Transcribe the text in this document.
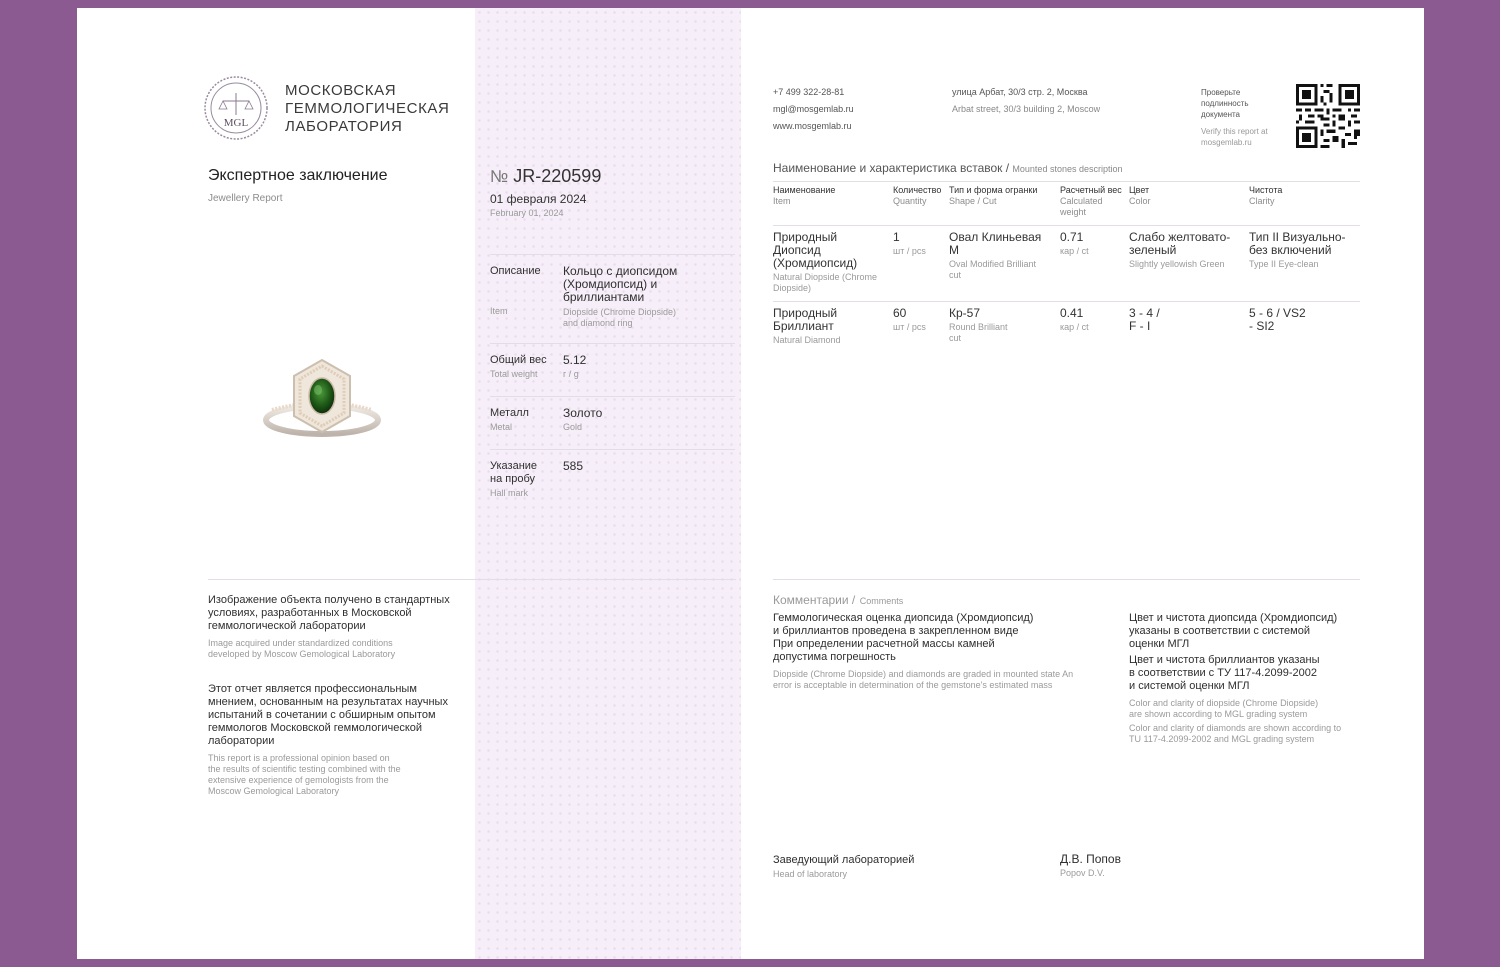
MGL
МОСКОВСКАЯ
ГЕММОЛОГИЧЕСКАЯ
ЛАБОРАТОРИЯ
Экспертное заключение
Jewellery Report
№ JR-220599
01 февраля 2024
February 01, 2024
Описание
Item
Кольцо с диопсидом (Хромдиопсид) и бриллиантами
Diopside (Chrome Diopside) and diamond ring
Общий вес
Total weight
5.12
г / g
Металл
Metal
Золото
Gold
Указание на пробу
Hall mark
585
+7 499 322-28-81
mgl@mosgemlab.ru
www.mosgemlab.ru
улица Арбат, 30/3 стр. 2, Москва
Arbat street, 30/3 building 2, Moscow
Проверьте подлинность документа
Verify this report at mosgemlab.ru
Наименование и характеристика вставок / Mounted stones description
Наименование
Item
Количество
Quantity
Тип и форма огранки
Shape / Cut
Расчетный вес
Calculated weight
Цвет
Color
Чистота
Clarity
Природный Диопсид (Хромдиопсид)
Natural Diopside (Chrome Diopside)
1
шт / pcs
Овал Клиньевая М
Oval Modified Brilliant cut
0.71
кар / ct
Слабо желтовато-зеленый
Slightly yellowish Green
Тип II Визуально-без включений
Type II Eye-clean
Природный Бриллиант
Natural Diamond
60
шт / pcs
Кр-57
Round Brilliant cut
0.41
кар / ct
3 - 4 / F - I
5 - 6 / VS2 - SI2
Изображение объекта получено в стандартных условиях, разработанных в Московской геммологической лаборатории
Image acquired under standardized conditions developed by Moscow Gemological Laboratory
Этот отчет является профессиональным мнением, основанным на результатах научных испытаний в сочетании с обширным опытом геммологов Московской геммологической лаборатории
This report is a professional opinion based on the results of scientific testing combined with the extensive experience of gemologists from the Moscow Gemological Laboratory
Комментарии / Comments
Геммологическая оценка диопсида (Хромдиопсид) и бриллиантов проведена в закрепленном виде При определении расчетной массы камней допустима погрешность
Diopside (Chrome Diopside) and diamonds are graded in mounted state An error is acceptable in determination of the gemstone's estimated mass
Цвет и чистота диопсида (Хромдиопсид) указаны в соответствии с системой оценки МГЛ
Цвет и чистота бриллиантов указаны в соответствии с ТУ 117-4.2099-2002 и системой оценки МГЛ
Color and clarity of diopside (Chrome Diopside) are shown according to MGL grading system
Color and clarity of diamonds are shown according to TU 117-4.2099-2002 and MGL grading system
Заведующий лабораторией
Head of laboratory
Д.В. Попов
Popov D.V.
